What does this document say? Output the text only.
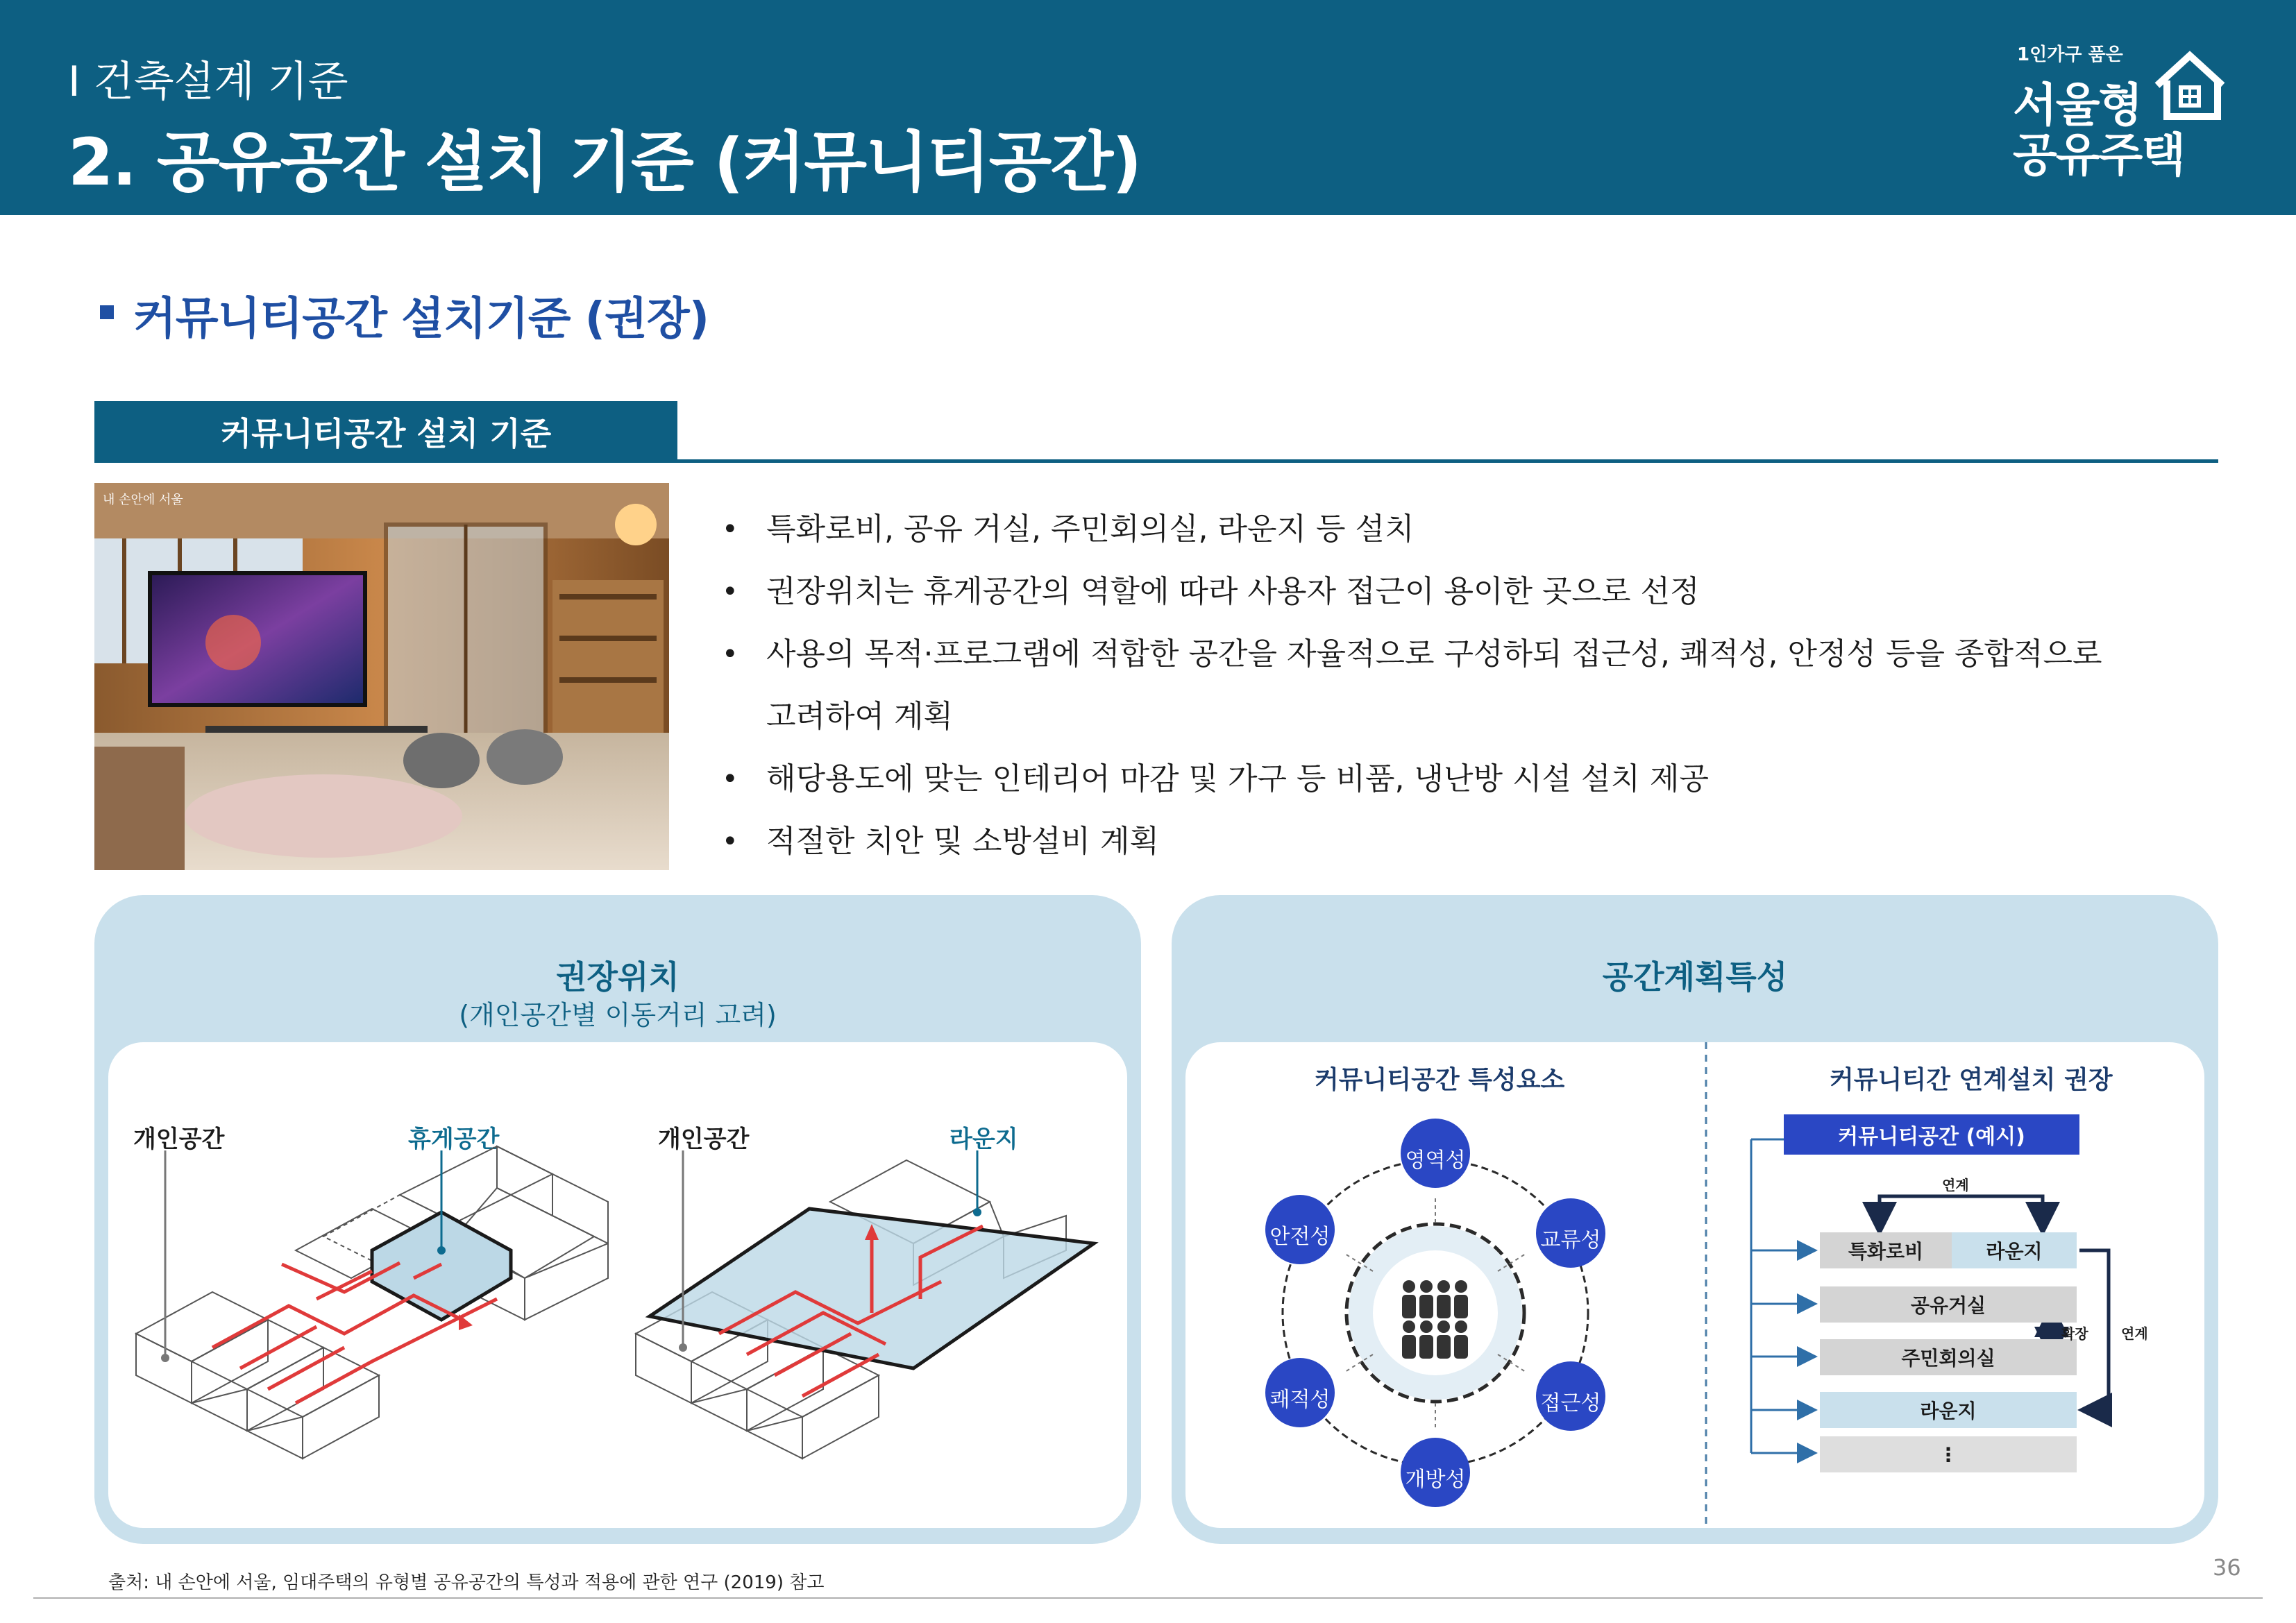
I 건축설계 기준
2. 공유공간 설치 기준 (커뮤니티공간)
1인가구 품은
서울형
공유주택
커뮤니티공간 설치기준 (권장)
커뮤니티공간 설치 기준
내 손안에 서울
• 특화로비, 공유 거실, 주민회의실, 라운지 등 설치
• 권장위치는 휴게공간의 역할에 따라 사용자 접근이 용이한 곳으로 선정
• 사용의 목적·프로그램에 적합한 공간을 자율적으로 구성하되 접근성, 쾌적성, 안정성 등을 종합적으로
고려하여 계획
• 해당용도에 맞는 인테리어 마감 및 가구 등 비품, 냉난방 시설 설치 제공
• 적절한 치안 및 소방설비 계획
권장위치
(개인공간별 이동거리 고려)
개인공간	휴게공간	개인공간	라운지
공간계획특성
커뮤니티공간 특성요소	커뮤니티간 연계설치 권장
영역성
교류성
접근성
개방성
쾌적성
안전성
커뮤니티공간 (예시)
연계
특화로비	라운지
공유거실
주민회의실
라운지
⋮
확장 연계
출처: 내 손안에 서울, 임대주택의 유형별 공유공간의 특성과 적용에 관한 연구 (2019) 참고
36
